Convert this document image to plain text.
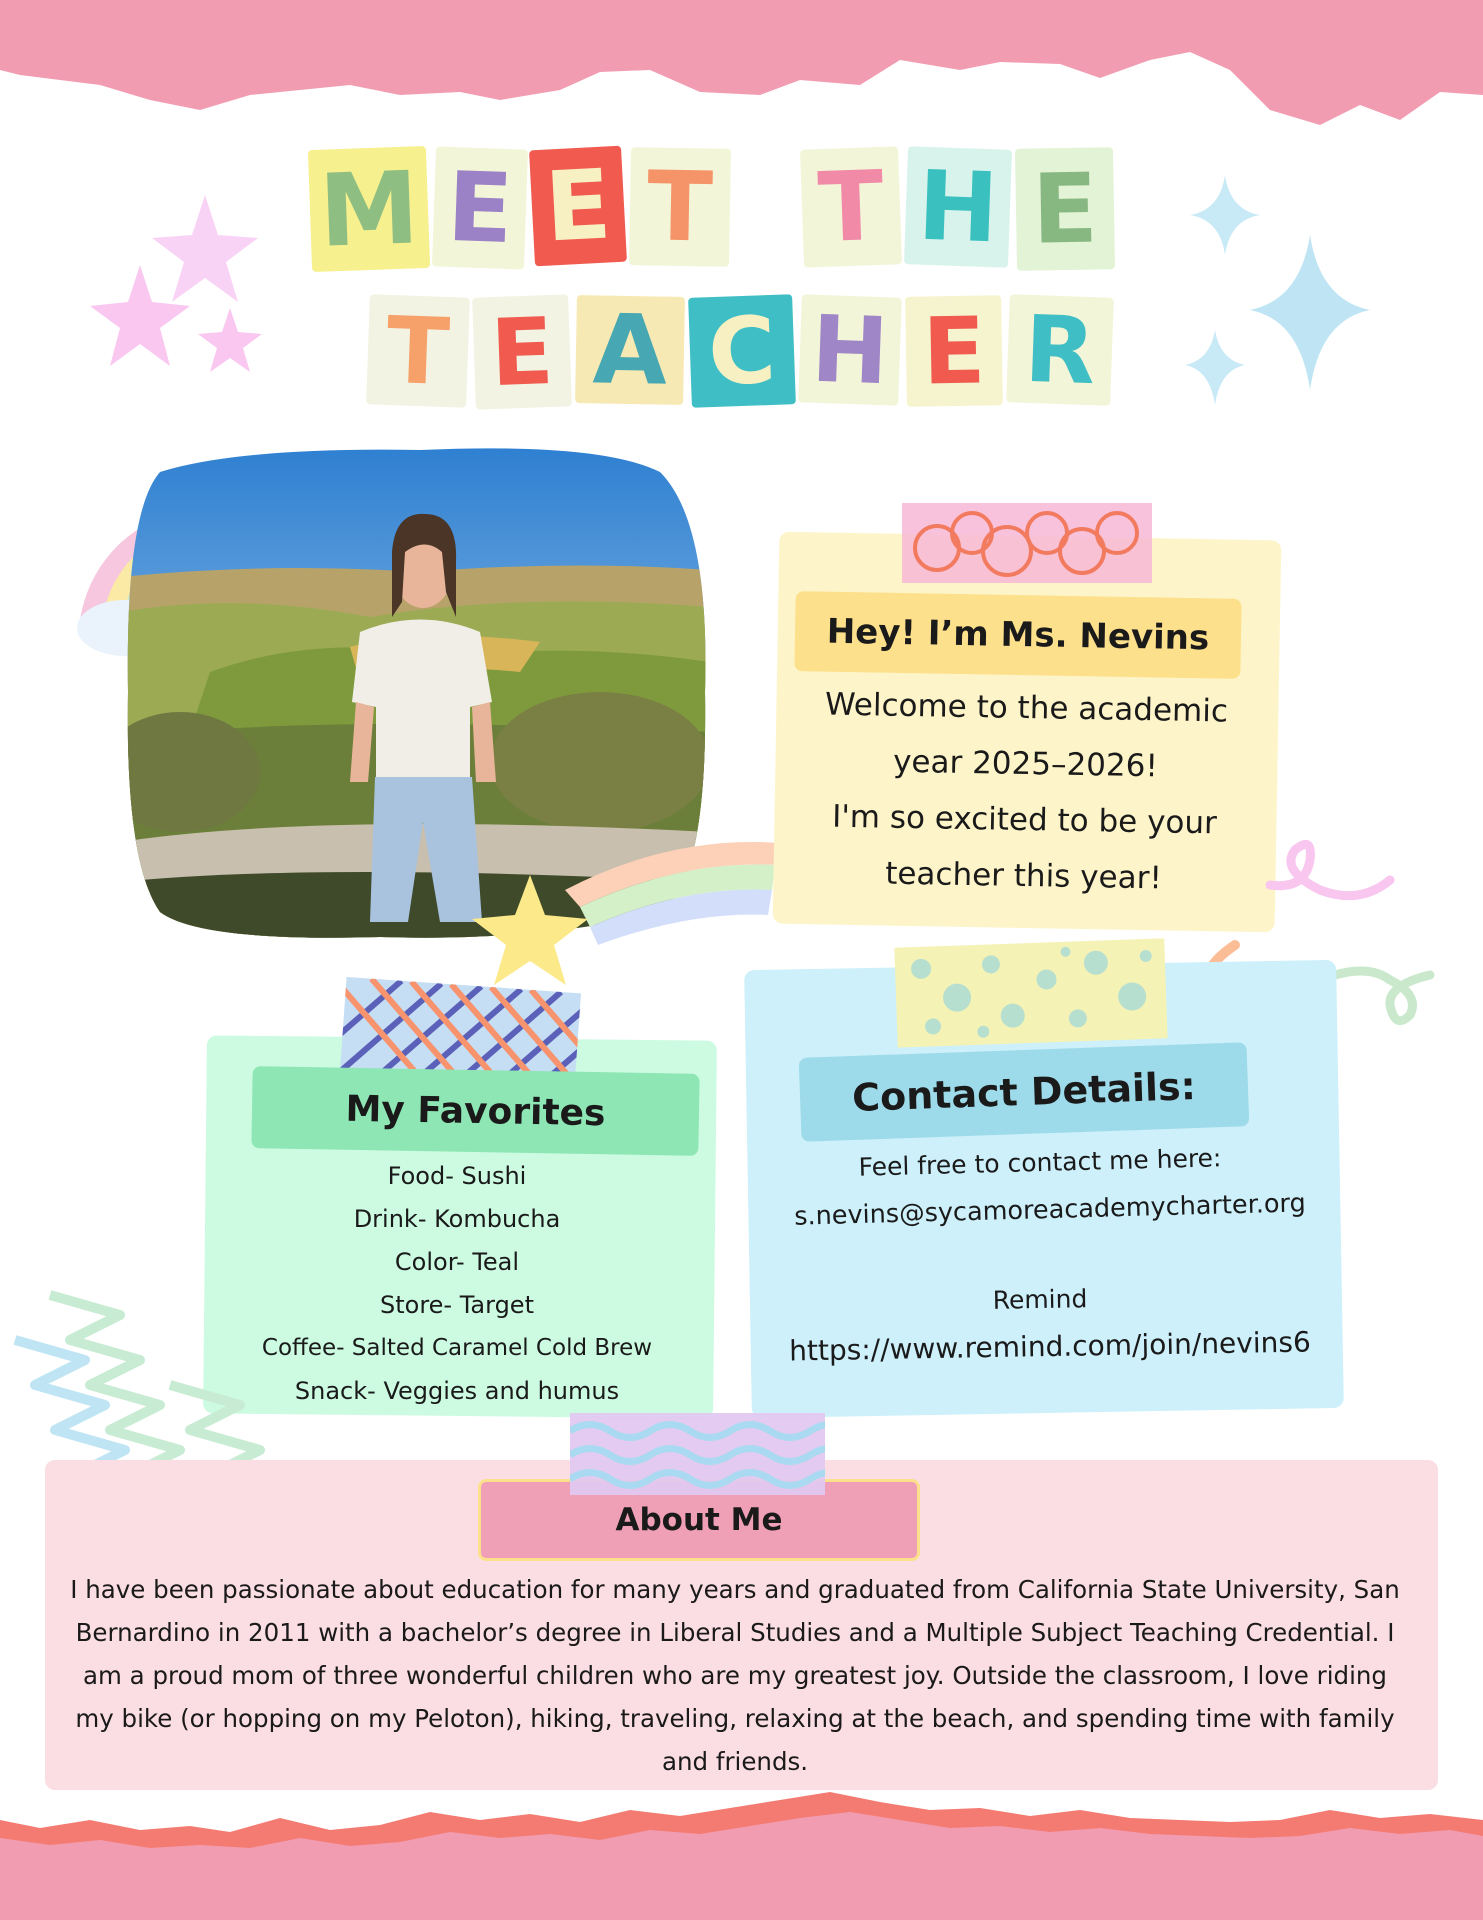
M E E T T H E
T E A C H E R
Hey! I’m Ms. Nevins
Welcome to the academic
year 2025–2026!
I'm so excited to be your
teacher this year!
My Favorites
Food- Sushi
Drink- Kombucha
Color- Teal
Store- Target
Coffee- Salted Caramel Cold Brew
Snack- Veggies and humus
Contact Details:
Feel free to contact me here:
s.nevins@sycamoreacademycharter.org
Remind
https://www.remind.com/join/nevins6
About Me
I have been passionate about education for many years and graduated from California State University, San Bernardino in 2011 with a bachelor’s degree in Liberal Studies and a Multiple Subject Teaching Credential. I am a proud mom of three wonderful children who are my greatest joy. Outside the classroom, I love riding my bike (or hopping on my Peloton), hiking, traveling, relaxing at the beach, and spending time with family and friends.
